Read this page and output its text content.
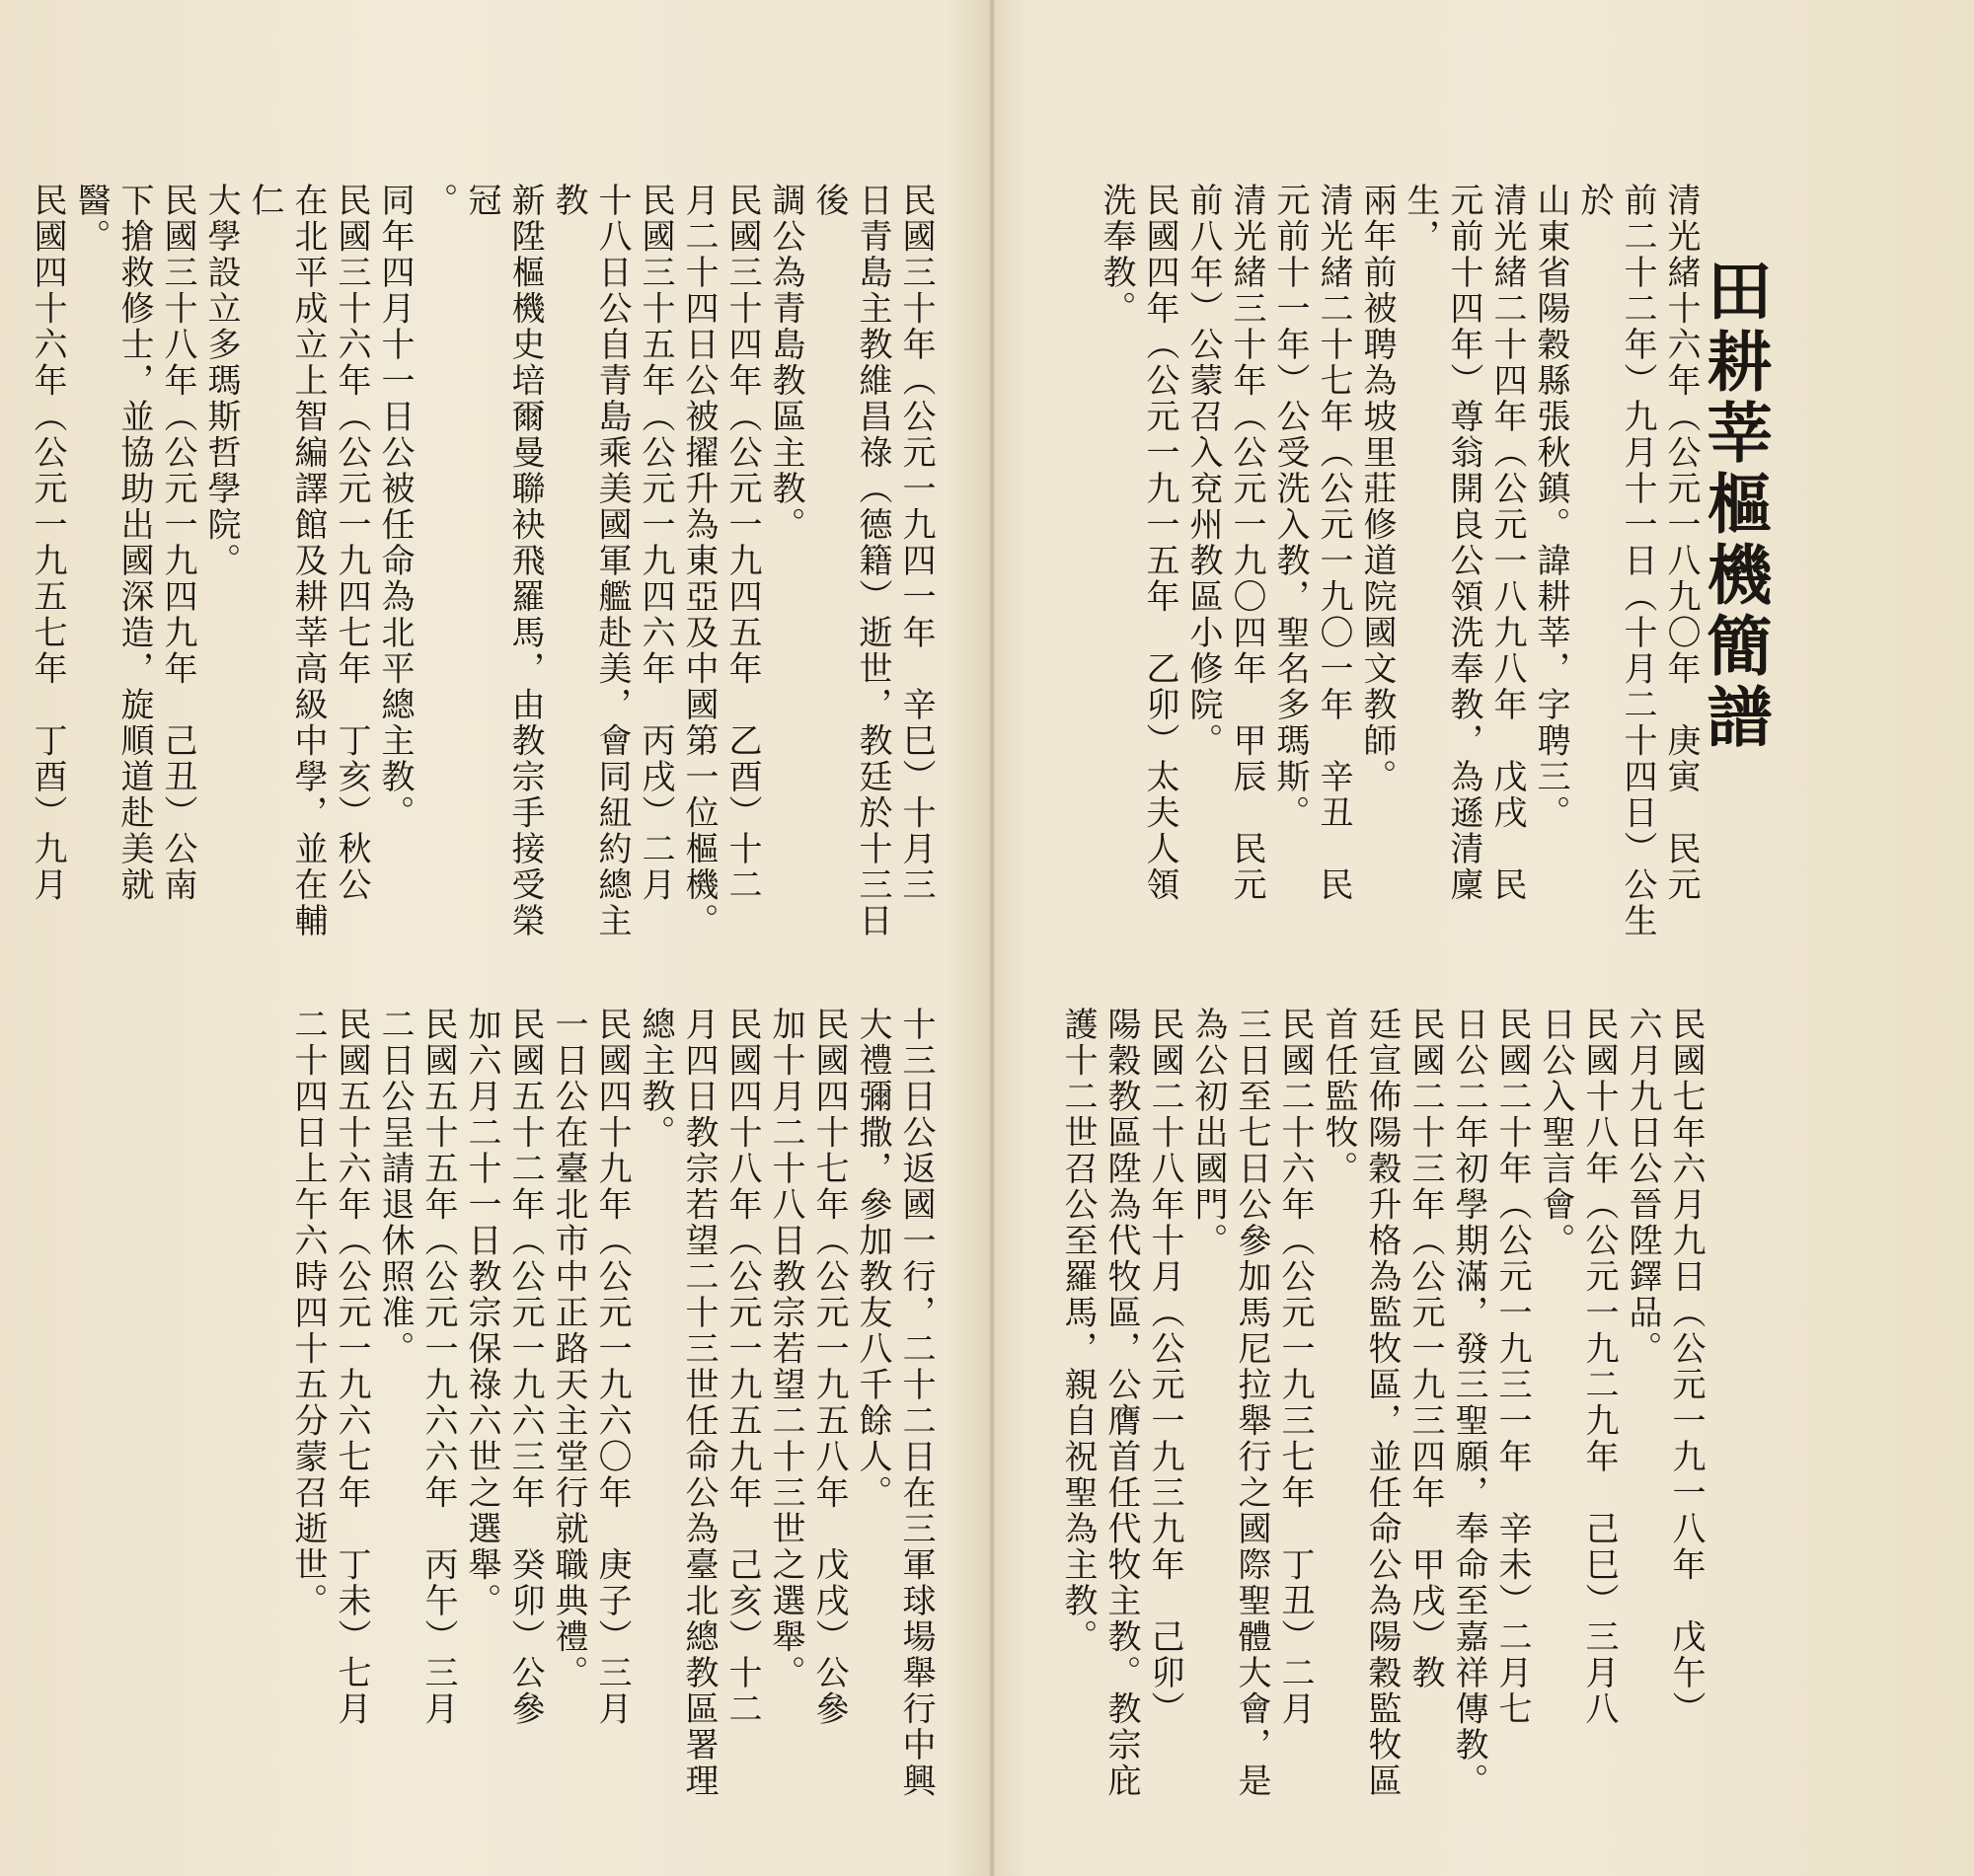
田耕莘樞機簡譜
清光緒十六年（公元一八九〇年　庚寅　民元
前二十二年）九月十一日（十月二十四日）公生於
山東省陽穀縣張秋鎮。諱耕莘，字聘三。
清光緒二十四年（公元一八九八年　戊戌　民
元前十四年）尊翁開良公領洗奉教，為遜清廩生，
兩年前被聘為坡里莊修道院國文教師。
清光緒二十七年（公元一九〇一年　辛丑　民
元前十一年）公受洗入教，聖名多瑪斯。
清光緒三十年（公元一九〇四年　甲辰　民元
前八年）公蒙召入兗州教區小修院。
民國四年（公元一九一五年　乙卯）太夫人領
洗奉教。
民國三十年（公元一九四一年　辛巳）十月三
日青島主教維昌祿（德籍）逝世，教廷於十三日後
調公為青島教區主教。
民國三十四年（公元一九四五年　乙酉）十二
月二十四日公被擢升為東亞及中國第一位樞機。
民國三十五年（公元一九四六年　丙戌）二月
十八日公自青島乘美國軍艦赴美，會同紐約總主教
新陞樞機史培爾曼聯袂飛羅馬，由教宗手接受榮冠
。
同年四月十一日公被任命為北平總主教。
民國三十六年（公元一九四七年　丁亥）秋公
在北平成立上智編譯館及耕莘高級中學，並在輔仁
大學設立多瑪斯哲學院。
民國三十八年（公元一九四九年　己丑）公南
下搶救修士，並協助出國深造，旋順道赴美就醫。
民國四十六年（公元一九五七年　丁酉）九月
民國七年六月九日（公元一九一八年　戊午）
六月九日公晉陞鐸品。
民國十八年（公元一九二九年　己巳）三月八
日公入聖言會。
民國二十年（公元一九三一年　辛未）二月七
日公二年初學期滿，發三聖願，奉命至嘉祥傳教。
民國二十三年（公元一九三四年　甲戌）教
廷宣佈陽穀升格為監牧區，並任命公為陽穀監牧區
首任監牧。
民國二十六年（公元一九三七年　丁丑）二月
三日至七日公參加馬尼拉舉行之國際聖體大會，是
為公初出國門。
民國二十八年十月（公元一九三九年　己卯）
陽穀教區陞為代牧區，公膺首任代牧主教。教宗庇
護十二世召公至羅馬，親自祝聖為主教。
十三日公返國一行，二十二日在三軍球場舉行中興
大禮彌撒，參加教友八千餘人。
民國四十七年（公元一九五八年　戊戌）公參
加十月二十八日教宗若望二十三世之選舉。
民國四十八年（公元一九五九年　己亥）十二
月四日教宗若望二十三世任命公為臺北總教區署理
總主教。
民國四十九年（公元一九六〇年　庚子）三月
一日公在臺北市中正路天主堂行就職典禮。
民國五十二年（公元一九六三年　癸卯）公參
加六月二十一日教宗保祿六世之選舉。
民國五十五年（公元一九六六年　丙午）三月
二日公呈請退休照准。
民國五十六年（公元一九六七年　丁未）七月
二十四日上午六時四十五分蒙召逝世。
